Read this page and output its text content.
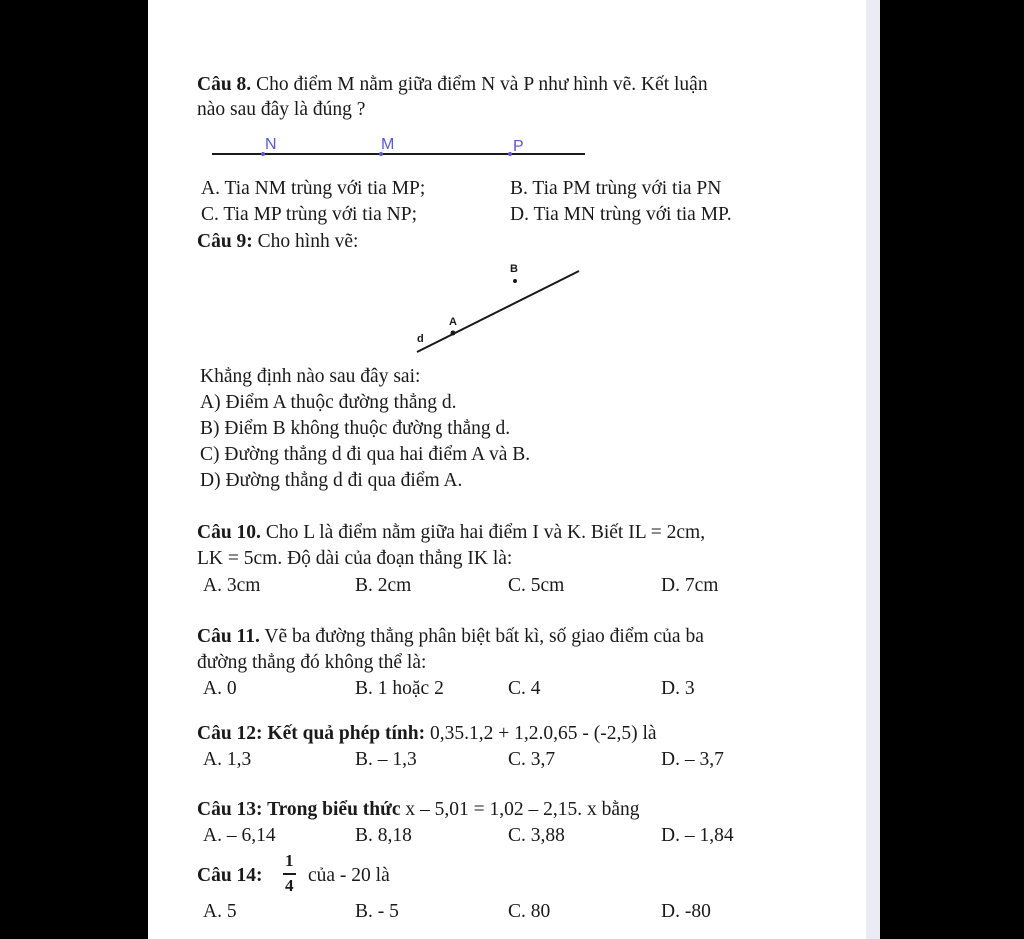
Câu 8. Cho điểm M nằm giữa điểm N và P như hình vẽ. Kết luận
nào sau đây là đúng ?
N	M	P
A. Tia NM trùng với tia MP;	B. Tia PM trùng với tia PN
C. Tia MP trùng với tia NP;	D. Tia MN trùng với tia MP.
Câu 9: Cho hình vẽ:
B
A
d
Khẳng định nào sau đây sai:
A) Điểm A thuộc đường thẳng d.
B) Điểm B không thuộc đường thẳng d.
C) Đường thẳng d đi qua hai điểm A và B.
D) Đường thẳng d đi qua điểm A.
Câu 10. Cho L là điểm nằm giữa hai điểm I và K. Biết IL = 2cm,
LK = 5cm. Độ dài của đoạn thẳng IK là:
A. 3cm	B. 2cm	C. 5cm	D. 7cm
Câu 11. Vẽ ba đường thẳng phân biệt bất kì, số giao điểm của ba
đường thẳng đó không thể là:
A. 0	B. 1 hoặc 2	C. 4	D. 3
Câu 12: Kết quả phép tính: 0,35.1,2 + 1,2.0,65 - (-2,5) là
A. 1,3	B. – 1,3	C. 3,7	D. – 3,7
Câu 13: Trong biểu thức x – 5,01 = 1,02 – 2,15. x bằng
A. – 6,14	B. 8,18	C. 3,88	D. – 1,84
Câu 14:
1
4 của - 20 là
A. 5	B. - 5	C. 80	D. -80
